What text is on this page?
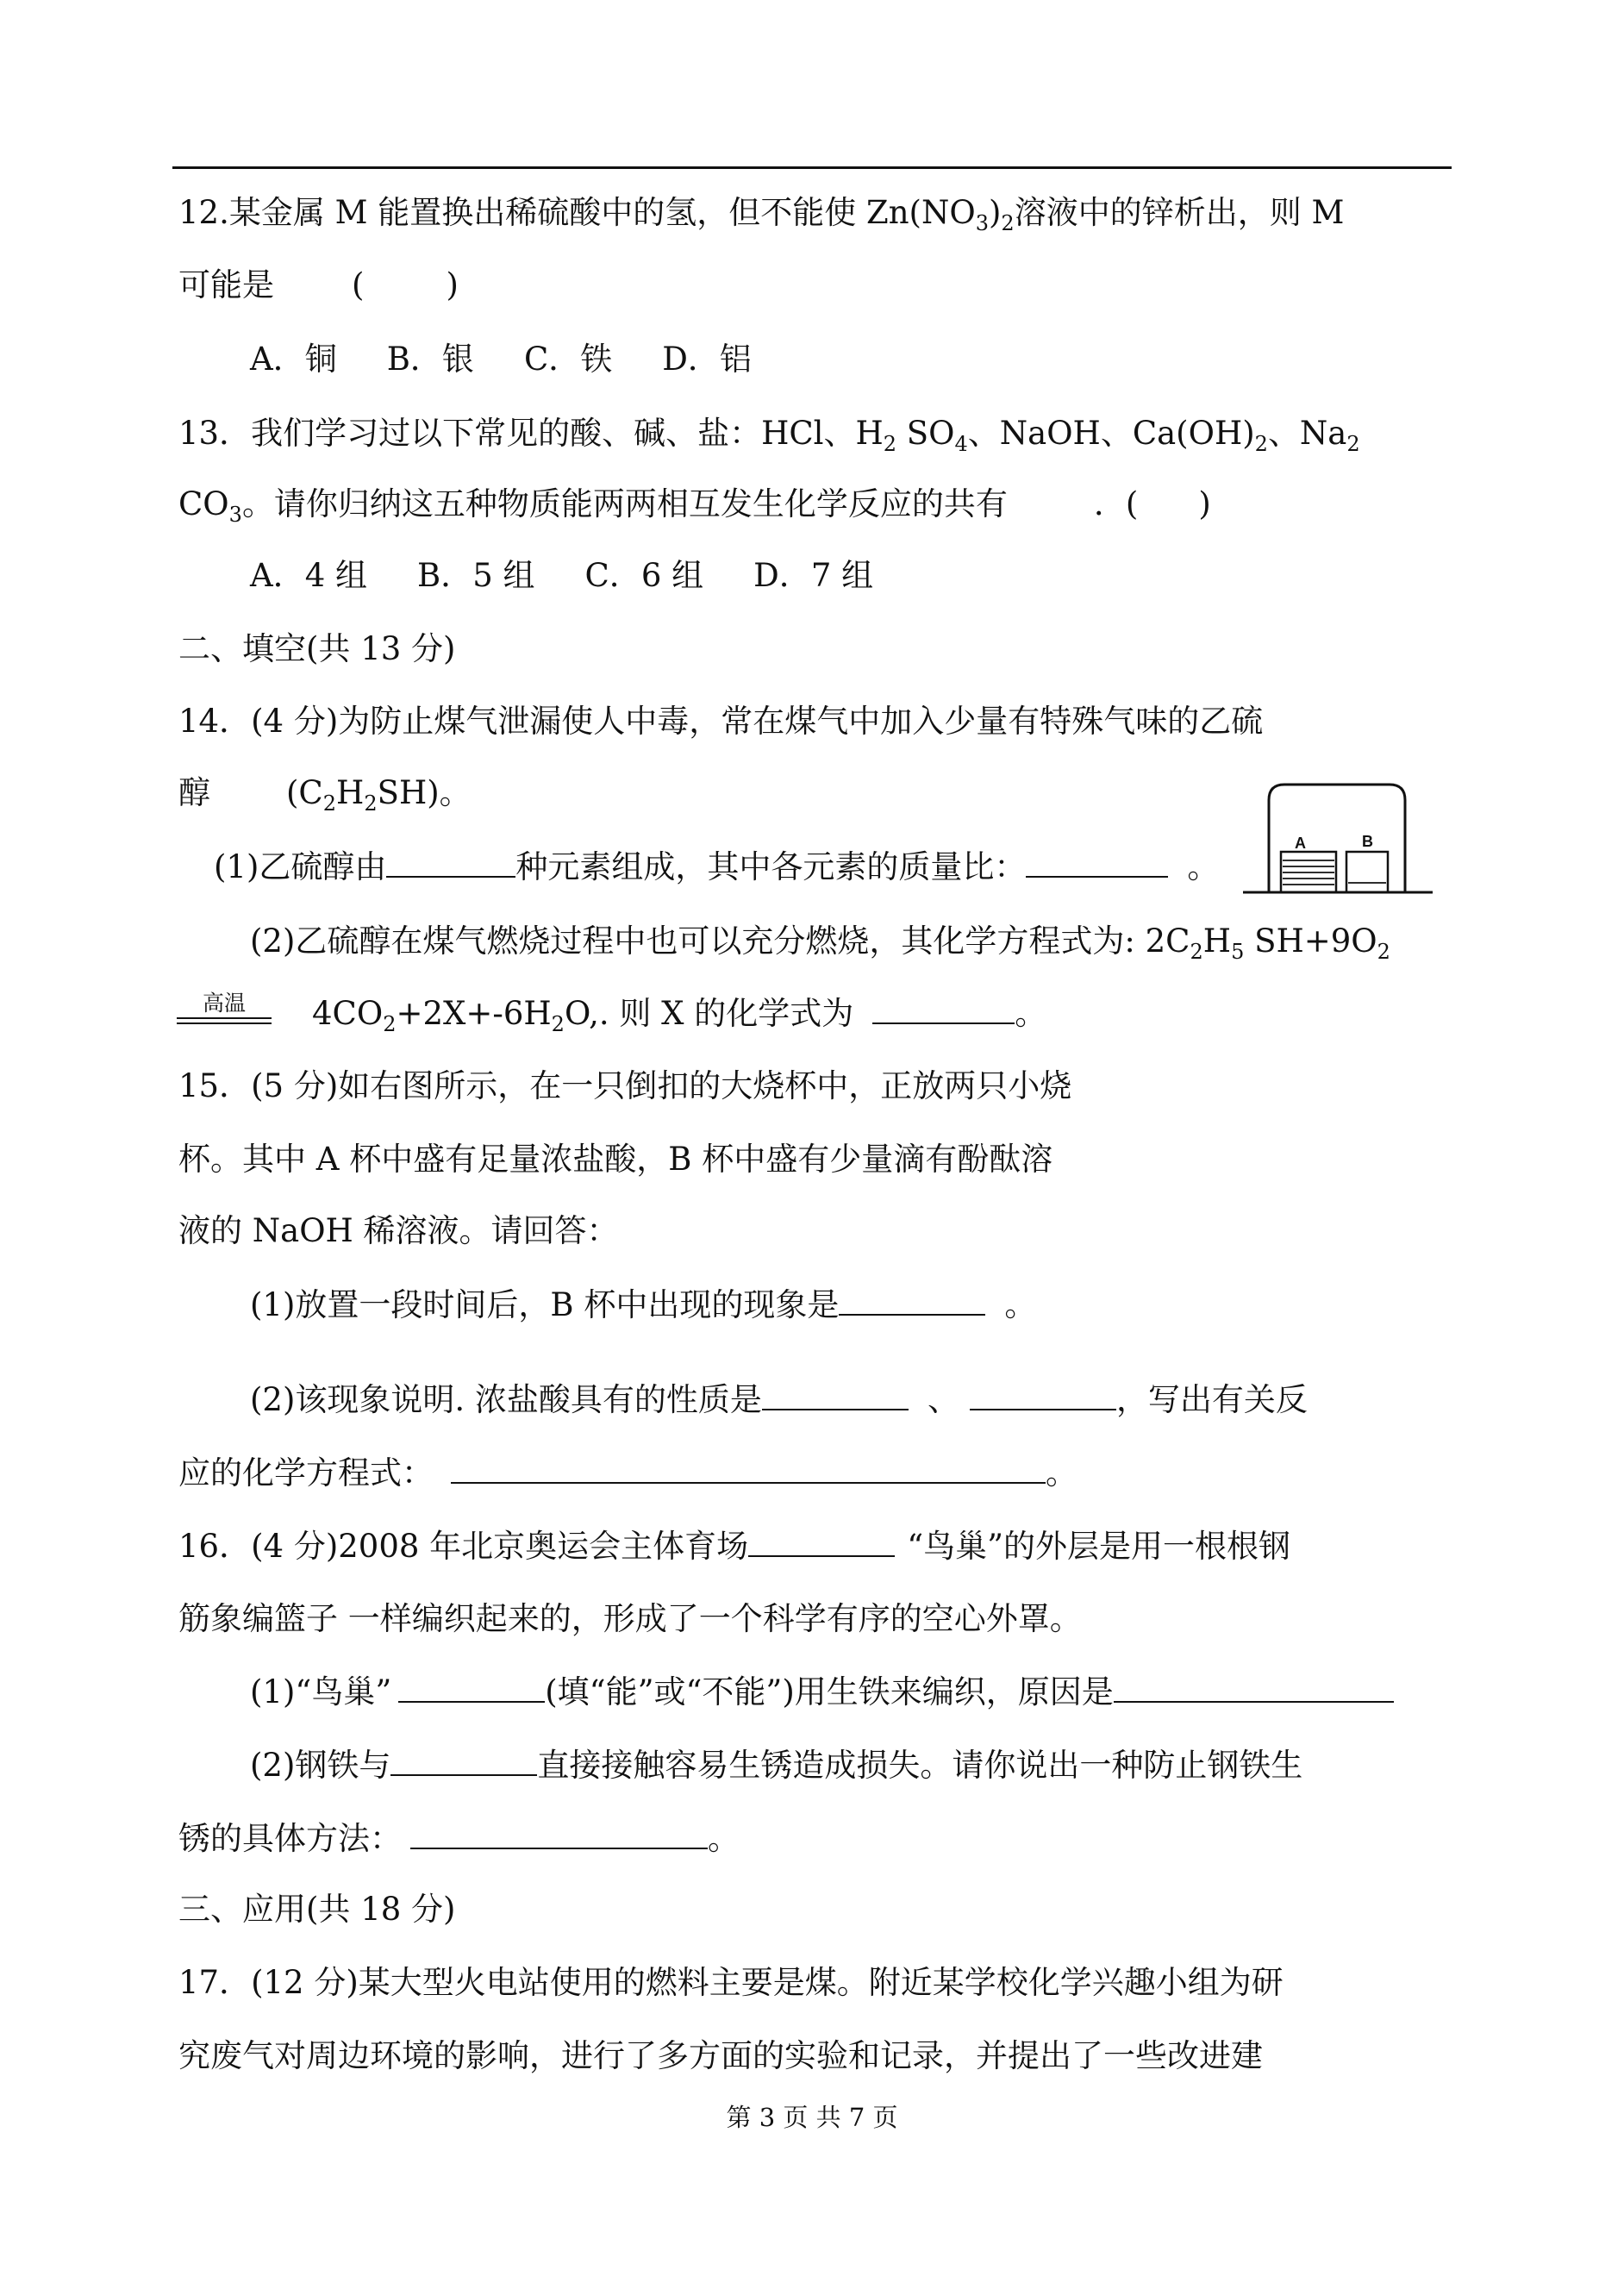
12.某金属 M 能置换出稀硫酸中的氢，但不能使 $Zn(NO_3)_2$溶液中的锌析出，则 M
可能是 (	)
A．铜 B．银 C．铁 D．铝
13．我们学习过以下常见的酸、碱、盐：HCl、$H_2$ $SO_4$、NaOH、$Ca(OH)_2$、$Na_2$
$CO_3$。请你归纳这五种物质能两两相互发生化学反应的共有	．( )
A．4 组 B．5 组 C．6 组 D．7 组
二、填空(共 13 分)
14．(4 分)为防止煤气泄漏使人中毒，常在煤气中加入少量有特殊气味的乙硫
醇 $(C_2H_2SH)$。
(1)乙硫醇由	种元素组成，其中各元素的质量比：	。
(2)乙硫醇在煤气燃烧过程中也可以充分燃烧，其化学方程式为: $2C_2H_5$ $SH+9O_2$
高温	$4CO_2+2X+-6H_2O$,. 则 X 的化学式为	。
15．(5 分)如右图所示，在一只倒扣的大烧杯中，正放两只小烧
杯。其中 A 杯中盛有足量浓盐酸，B 杯中盛有少量滴有酚酞溶
液的 NaOH 稀溶液。请回答：
A	B
(1)放置一段时间后，B 杯中出现的现象是	。
(2)该现象说明. 浓盐酸具有的性质是	、	，写出有关反
应的化学方程式：	。
16．(4 分)2008 年北京奥运会主体育场	“鸟巢”的外层是用一根根钢
筋象编篮子 一样编织起来的，形成了一个科学有序的空心外罩。
(1)“鸟巢”	(填“能”或“不能”)用生铁来编织，原因是
(2)钢铁与	直接接触容易生锈造成损失。请你说出一种防止钢铁生
锈的具体方法：	。
三、应用(共 18 分)
17．(12 分)某大型火电站使用的燃料主要是煤。附近某学校化学兴趣小组为研
究废气对周边环境的影响，进行了多方面的实验和记录，并提出了一些改进建
第 3 页 共 7 页
